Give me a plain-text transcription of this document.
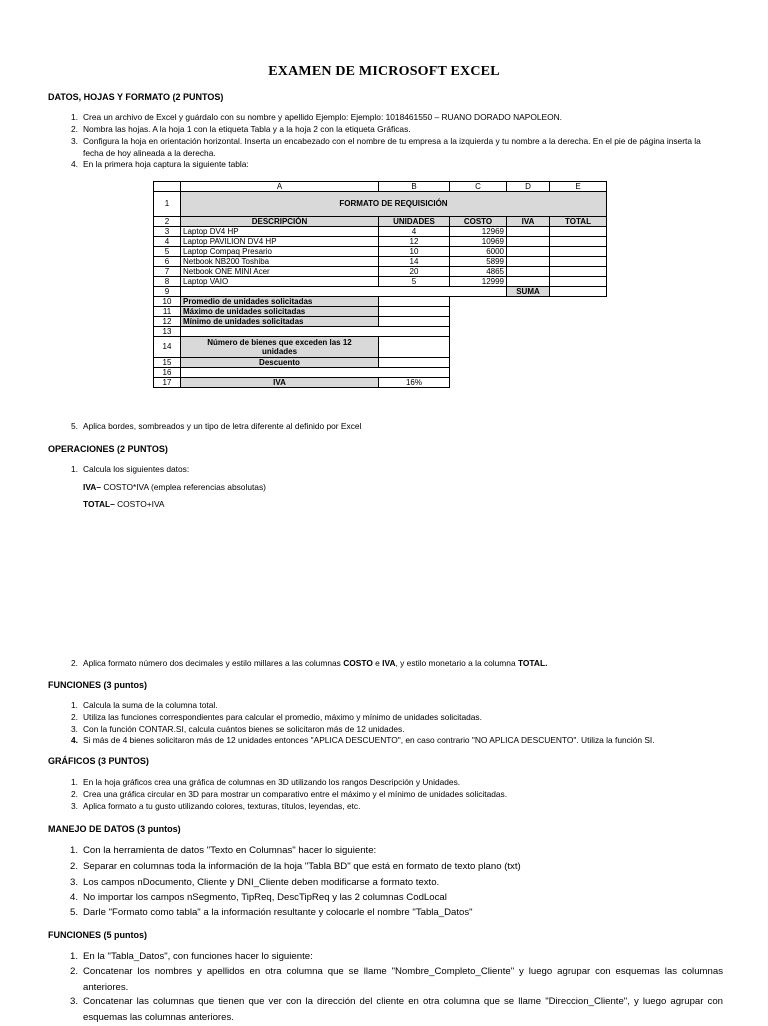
EXAMEN DE MICROSOFT EXCEL
DATOS, HOJAS Y FORMATO (2 PUNTOS)
1. Crea un archivo de Excel y guárdalo con su nombre y apellido Ejemplo: Ejemplo: 1018461550 – RUANO DORADO NAPOLEON.
2. Nombra las hojas. A la hoja 1 con la etiqueta Tabla y a la hoja 2 con la etiqueta Gráficas.
3. Configura la hoja en orientación horizontal. Inserta un encabezado con el nombre de tu empresa a la izquierda y tu nombre a la derecha. En el pie de página inserta la fecha de hoy alineada a la derecha.
4. En la primera hoja captura la siguiente tabla:
	A	B	C	D	E
1	FORMATO DE REQUISICIÓN				
2	DESCRIPCIÓN	UNIDADES	COSTO	IVA	TOTAL
3	Laptop DV4 HP	4	12969		
4	Laptop PAVILION DV4 HP	12	10969		
5	Laptop Compaq Presario	10	6000		
6	Netbook NB200 Toshiba	14	5899		
7	Netbook ONE MINI Acer	20	4865		
8	Laptop VAIO	5	12999		
9				SUMA	
10	Promedio de unidades solicitadas				
11	Máximo de unidades solicitadas				
12	Mínimo de unidades solicitadas				
13					
14	Número de bienes que exceden las 12 unidades				
15	Descuento				
16					
17	IVA	16%			
5. Aplica bordes, sombreados y un tipo de letra diferente al definido por Excel
OPERACIONES (2 PUNTOS)
1. Calcula los siguientes datos:
IVA– COSTO*IVA (emplea referencias absolutas)
TOTAL– COSTO+IVA
2. Aplica formato número dos decimales y estilo millares a las columnas COSTO e IVA, y estilo monetario a la columna TOTAL.
FUNCIONES (3 puntos)
1. Calcula la suma de la columna total.
2. Utiliza las funciones correspondientes para calcular el promedio, máximo y mínimo de unidades solicitadas.
3. Con la función CONTAR.SI, calcula cuántos bienes se solicitaron más de 12 unidades.
4. Si más de 4 bienes solicitaron más de 12 unidades entonces "APLICA DESCUENTO", en caso contrario "NO APLICA DESCUENTO". Utiliza la función SI.
GRÁFICOS (3 PUNTOS)
1. En la hoja gráficos crea una gráfica de columnas en 3D utilizando los rangos Descripción y Unidades.
2. Crea una gráfica circular en 3D para mostrar un comparativo entre el máximo y el mínimo de unidades solicitadas.
3. Aplica formato a tu gusto utilizando colores, texturas, títulos, leyendas, etc.
MANEJO DE DATOS (3 puntos)
1. Con la herramienta de datos "Texto en Columnas" hacer lo siguiente:
2. Separar en columnas toda la información de la hoja "Tabla BD" que está en formato de texto plano (txt)
3. Los campos nDocumento, Cliente y DNI_Cliente deben modificarse a formato texto.
4. No importar los campos nSegmento, TipReq, DescTipReq y las 2 columnas CodLocal
5. Darle "Formato como tabla" a la información resultante y colocarle el nombre "Tabla_Datos"
FUNCIONES (5 puntos)
1. En la "Tabla_Datos", con funciones hacer lo siguiente:
2. Concatenar los nombres y apellidos en otra columna que se llame "Nombre_Completo_Cliente" y luego agrupar con esquemas las columnas anteriores.
3. Concatenar las columnas que tienen que ver con la dirección del cliente en otra columna que se llame "Direccion_Cliente", y luego agrupar con esquemas las columnas anteriores.
